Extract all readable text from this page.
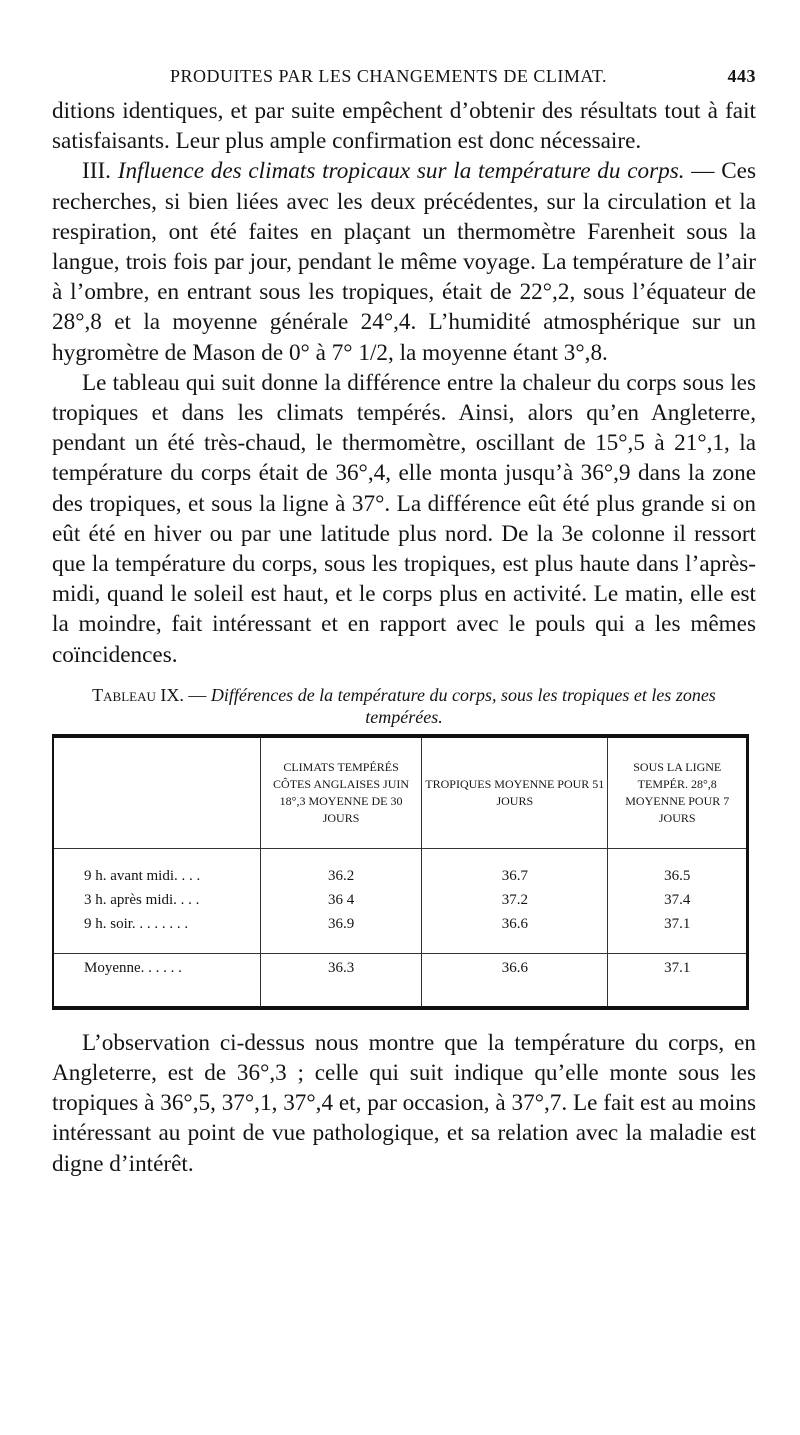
PRODUITES PAR LES CHANGEMENTS DE CLIMAT.	443

ditions identiques, et par suite empêchent d’obtenir des résultats tout à fait satisfaisants. Leur plus ample confirmation est donc nécessaire.

III. Influence des climats tropicaux sur la température du corps. — Ces recherches, si bien liées avec les deux précédentes, sur la circulation et la respiration, ont été faites en plaçant un thermomètre Farenheit sous la langue, trois fois par jour, pendant le même voyage. La température de l’air à l’ombre, en entrant sous les tropiques, était de 22°,2, sous l’équateur de 28°,8 et la moyenne générale 24°,4. L’humidité atmosphérique sur un hygromètre de Mason de 0° à 7° 1/2, la moyenne étant 3°,8.

Le tableau qui suit donne la différence entre la chaleur du corps sous les tropiques et dans les climats tempérés. Ainsi, alors qu’en Angleterre, pendant un été très-chaud, le thermomètre, oscillant de 15°,5 à 21°,1, la température du corps était de 36°,4, elle monta jusqu’à 36°,9 dans la zone des tropiques, et sous la ligne à 37°. La différence eût été plus grande si on eût été en hiver ou par une latitude plus nord. De la 3e colonne il ressort que la température du corps, sous les tropiques, est plus haute dans l’après-midi, quand le soleil est haut, et le corps plus en activité. Le matin, elle est la moindre, fait intéressant et en rapport avec le pouls qui a les mêmes coïncidences.

Tableau IX. — Différences de la température du corps, sous les tropiques et les zones tempérées.
	CLIMATS TEMPÉRÉS CÔTES ANGLAISES JUIN 18°,3 MOYENNE DE 30 JOURS	TROPIQUES MOYENNE POUR 51 JOURS	SOUS LA LIGNE TEMPÉR. 28°,8 MOYENNE POUR 7 JOURS

9 h. avant midi. . . .	36.2	36.7	36.5
3 h. après midi. . . .	36 4	37.2	37.4
9 h. soir. . . . . . . .	36.9	36.6	37.1

Moyenne. . . . . .	36.3	36.6	37.1

L’observation ci-dessus nous montre que la température du corps, en Angleterre, est de 36°,3 ; celle qui suit indique qu’elle monte sous les tropiques à 36°,5, 37°,1, 37°,4 et, par occasion, à 37°,7. Le fait est au moins intéressant au point de vue pathologique, et sa relation avec la maladie est digne d’intérêt.
